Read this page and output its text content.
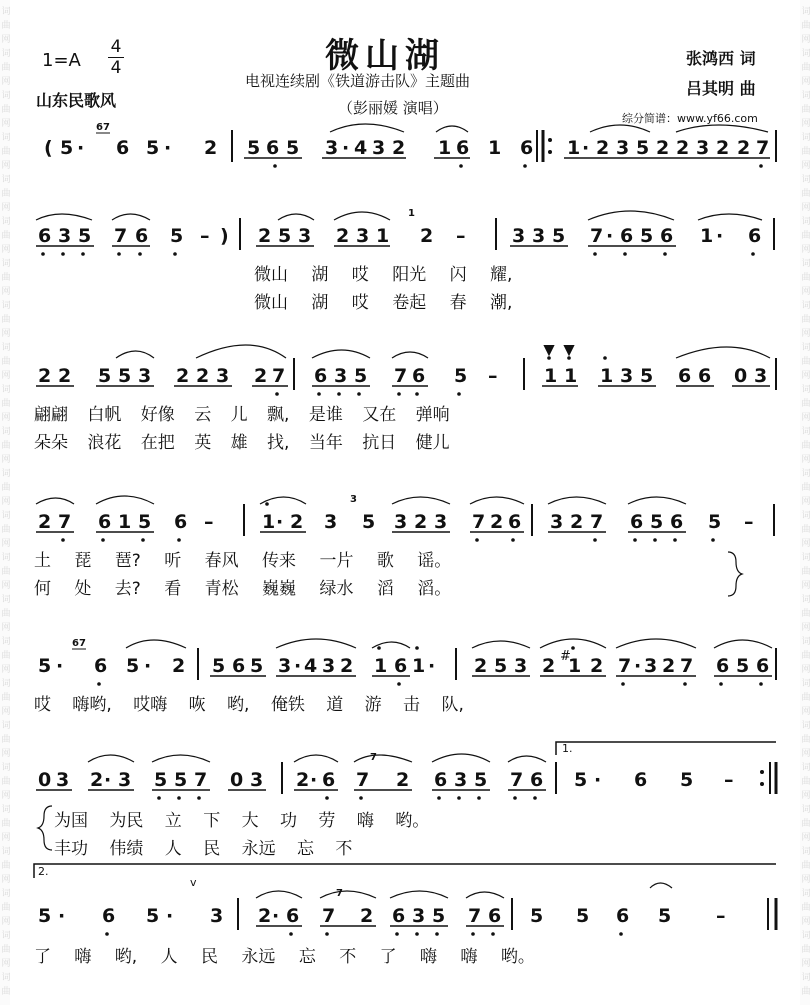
词
曲
网
词
曲
网
词
曲
网
词
曲
网
词
曲
网
词
曲
网
词
曲
网
词
曲
网
词
曲
网
词
曲
网
词
曲
网
词
曲
网
词
曲
网
词
曲
网
词
曲
网
词
曲
网
词
曲
网
词
曲
网
词
曲
网
词
曲
网
词
曲
网
词
曲
网
词
曲
网
词
曲
词
曲
网
词
曲
网
词
曲
网
词
曲
网
词
曲
网
词
曲
网
词
曲
网
词
曲
网
词
曲
网
词
曲
网
词
曲
网
词
曲
网
词
曲
网
词
曲
网
词
曲
网
词
曲
网
词
曲
网
词
曲
网
词
曲
网
词
曲
网
词
曲
网
词
曲
网
词
曲
网
词
曲
1=A
4
4
山东民歌风
微山湖
电视连续剧《铁道游击队》主题曲
（彭丽媛 演唱）
张鸿西 词
吕其明 曲
综分简谱：www.yf66.com
( 5 · 6 5 · 2 5 6 5 3 · 4 3 2 1 6 1 6 1 · 2 3 5 2 2 3 2 2 7
6 3 5 7 6 5 – ) 2 5 3 2 3 1 2 – 3 3 5 7 · 6 5 6 1 · 6
2 2 5 5 3 2 2 3 2 7 6 3 5 7 6 5 – 1 1 1 3 5 6 6 0 3
2 7 6 1 5 6 –	1 · 2 3 5 3 2 3 7 2 6 3 2 7 6 5 6 5 –
5 · 6 5 · 2 5 6 5 3 · 4 3 2 1 6 1 · 2 5 3 2 1 2 7 · 3 2 7 6 5 6
0 3 2 · 3 5 5 7 0 3 2 · 6 7 2 6 3 5 7 6 5 · 6 5 –
5 · 6 5 · 3 2 · 6 7 2 6 3 5 7 6 5 5 6 5 –
1.
2.
67
1
3
67
7
7
v
#
微山 湖 哎 阳光 闪 耀,
微山 湖 哎 卷起 春 潮,
翩翩 白帆 好像 云 儿 飘, 是谁 又在 弹响
朵朵 浪花 在把 英 雄 找, 当年 抗日 健儿
土 琵 琶? 听 春风 传来 一片 歌 谣。
何 处 去? 看 青松 巍巍 绿水 滔 滔。
哎 嗨哟, 哎嗨 咴 哟, 俺铁 道 游 击 队,
为国 为民 立 下 大 功 劳 嗨 哟。
丰功 伟绩 人 民 永远 忘 不
了 嗨 哟, 人 民 永远 忘 不 了 嗨 嗨 哟。
